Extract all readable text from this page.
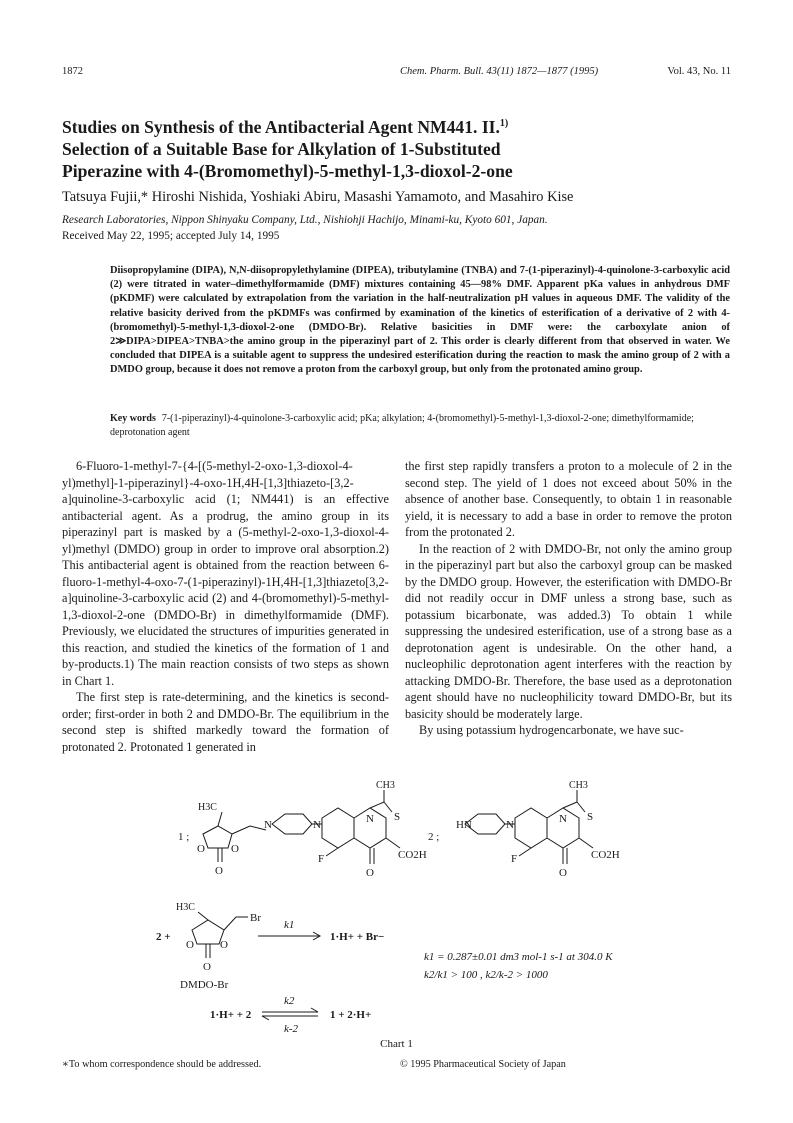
1872	Chem. Pharm. Bull. 43(11) 1872—1877 (1995)	Vol. 43, No. 11
Studies on Synthesis of the Antibacterial Agent NM441. II.$^{1)}$
Selection of a Suitable Base for Alkylation of 1-Substituted
Piperazine with 4-(Bromomethyl)-5-methyl-1,3-dioxol-2-one
Tatsuya Fujii,* Hiroshi Nishida, Yoshiaki Abiru, Masashi Yamamoto, and Masahiro Kise
Research Laboratories, Nippon Shinyaku Company, Ltd., Nishiohji Hachijo, Minami-ku, Kyoto 601, Japan.
Received May 22, 1995; accepted July 14, 1995

Diisopropylamine (DIPA), N,N-diisopropylethylamine (DIPEA), tributylamine (TNBA) and 7-(1-piperazinyl)-4-quinolone-3-carboxylic acid (2) were titrated in water–dimethylformamide (DMF) mixtures containing 45—98% DMF. Apparent pKa values in anhydrous DMF (pKDMF) were calculated by extrapolation from the variation in the half-neutralization pH values in aqueous DMF. The validity of the relative basicity derived from the pKDMFs was confirmed by examination of the kinetics of esterification of a derivative of 2 with 4-(bromomethyl)-5-methyl-1,3-dioxol-2-one (DMDO-Br). Relative basicities in DMF were: the carboxylate anion of 2≫DIPA>DIPEA>TNBA>the amino group in the piperazinyl part of 2. This order is clearly different from that observed in water. We concluded that DIPEA is a suitable agent to suppress the undesired esterification during the reaction to mask the amino group of 2 with a DMDO group, because it does not remove a proton from the carboxyl group, but only from the protonated amino group.

Key words 7-(1-piperazinyl)-4-quinolone-3-carboxylic acid; pKa; alkylation; 4-(bromomethyl)-5-methyl-1,3-dioxol-2-one; dimethylformamide; deprotonation agent

6-Fluoro-1-methyl-7-{4-[(5-methyl-2-oxo-1,3-dioxol-4-yl)methyl]-1-piperazinyl}-4-oxo-1H,4H-[1,3]thiazeto-[3,2-a]quinoline-3-carboxylic acid (1; NM441) is an effective antibacterial agent. As a prodrug, the amino group in its piperazinyl part is masked by a (5-methyl-2-oxo-1,3-dioxol-4-yl)methyl (DMDO) group in order to improve oral absorption.2) This antibacterial agent is obtained from the reaction between 6-fluoro-1-methyl-4-oxo-7-(1-piperazinyl)-1H,4H-[1,3]thiazeto[3,2-a]quinoline-3-carboxylic acid (2) and 4-(bromomethyl)-5-methyl-1,3-dioxol-2-one (DMDO-Br) in dimethylformamide (DMF). Previously, we elucidated the structures of impurities generated in this reaction, and studied the kinetics of the formation of 1 and by-products.1) The main reaction consists of two steps as shown in Chart 1.

The first step is rate-determining, and the kinetics is second-order; first-order in both 2 and DMDO-Br. The equilibrium in the second step is shifted markedly toward the formation of protonated 2. Protonated 1 generated in

the first step rapidly transfers a proton to a molecule of 2 in the second step. The yield of 1 does not exceed about 50% in the absence of another base. Consequently, to obtain 1 in reasonable yield, it is necessary to add a base in order to remove the proton from the protonated 2.

In the reaction of 2 with DMDO-Br, not only the amino group in the piperazinyl part but also the carboxyl group can be masked by the DMDO group. However, the esterification with DMDO-Br did not readily occur in DMF unless a strong base, such as potassium bicarbonate, was added.3) To obtain 1 while suppressing the undesired esterification, use of a strong base as a deprotonation agent is undesirable. On the other hand, a nucleophilic deprotonation agent interferes with the reaction by attacking DMDO-Br. Therefore, the base used as a deprotonation agent should have no nucleophilicity toward DMDO-Br, but its basicity should be moderately large.

By using potassium hydrogencarbonate, we have suc-

1 ;	2 ;
H3C
CH3	CH3
N	N	N S
HN	N	N S
F	F
O	O
O
O O	CO2H	CO2H
H3C
Br
O O
O
DMDO-Br
2 +
k1
1·H+ + Br−
k1 = 0.287±0.01 dm3 mol-1 s-1 at 304.0 K
k2/k1 > 100 , k2/k-2 > 1000
1·H+ + 2
k2
k-2
1 + 2·H+
Chart 1
∗To whom correspondence should be addressed.	© 1995 Pharmaceutical Society of Japan
